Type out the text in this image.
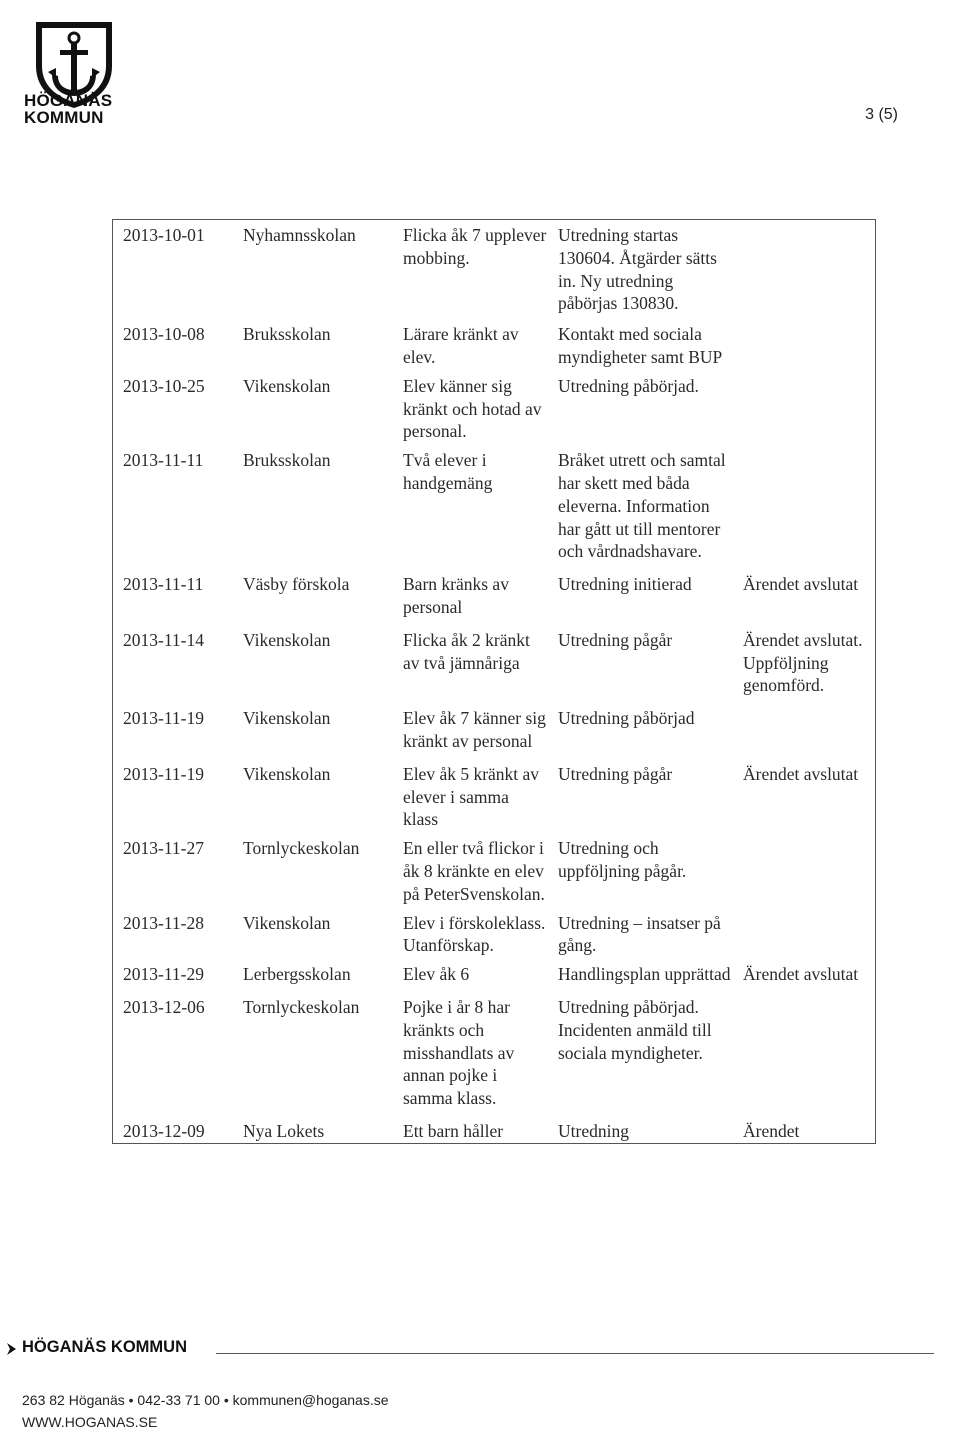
HÖGANÄS
KOMMUN	3 (5)
2013-10-01	Nyhamnsskolan	Flicka åk 7 upplever mobbing.	Utredning startas 130604. Åtgärder sätts in. Ny utredning påbörjas 130830.	
2013-10-08	Bruksskolan	Lärare kränkt av elev.	Kontakt med sociala myndigheter samt BUP	
2013-10-25	Vikenskolan	Elev känner sig kränkt och hotad av personal.	Utredning påbörjad.	
2013-11-11	Bruksskolan	Två elever i handgemäng	Bråket utrett och samtal har skett med båda eleverna. Information har gått ut till mentorer och vårdnadshavare.	
2013-11-11	Väsby förskola	Barn kränks av personal	Utredning initierad	Ärendet avslutat
2013-11-14	Vikenskolan	Flicka åk 2 kränkt av två jämnåriga	Utredning pågår	Ärendet avslutat. Uppföljning genomförd.
2013-11-19	Vikenskolan	Elev åk 7 känner sig kränkt av personal	Utredning påbörjad	
2013-11-19	Vikenskolan	Elev åk 5 kränkt av elever i samma klass	Utredning pågår	Ärendet avslutat
2013-11-27	Tornlyckeskolan	En eller två flickor i åk 8 kränkte en elev på PeterSvenskolan.	Utredning och uppföljning pågår.	
2013-11-28	Vikenskolan	Elev i förskoleklass. Utanförskap.	Utredning – insatser på gång.	
2013-11-29	Lerbergsskolan	Elev åk 6	Handlingsplan upprättad	Ärendet avslutat
2013-12-06	Tornlyckeskolan	Pojke i år 8 har kränkts och misshandlats av annan pojke i samma klass.	Utredning påbörjad. Incidenten anmäld till sociala myndigheter.	
2013-12-09	Nya Lokets	Ett barn håller	Utredning	Ärendet
HÖGANÄS KOMMUN
263 82 Höganäs • 042-33 71 00 • kommunen@hoganas.se
WWW.HOGANAS.SE
